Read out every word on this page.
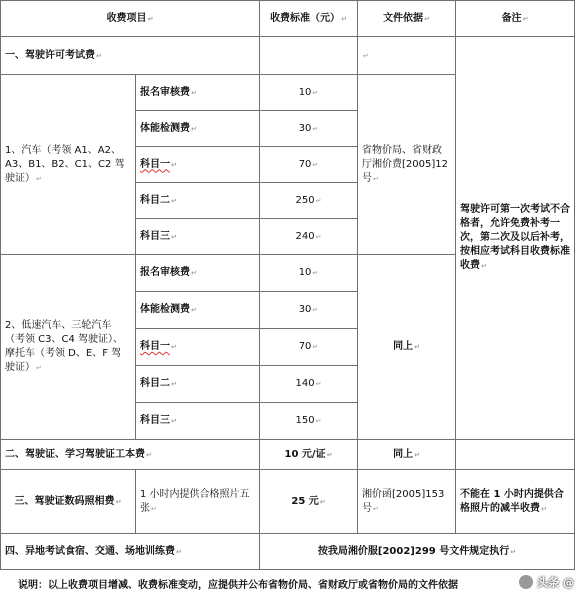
收费项目↵		收费标准（元）↵	文件依据↵	备注↵
一、驾驶许可考试费↵			↵	驾驶许可第一次考试不合格者，允许免费补考一次，第二次及以后补考，按相应考试科目收费标准收费↵
1、汽车（考领 A1、A2、A3、B1、B2、C1、C2 驾驶证）↵	报名审核费↵	10↵	省物价局、省财政厅湘价费[2005]12 号↵	
	体能检测费↵	30↵		
	科目一↵	70↵		
	科目二↵	250↵		
	科目三↵	240↵		
2、低速汽车、三轮汽车（考领 C3、C4 驾驶证）、摩托车（考领 D、E、F 驾驶证）↵	报名审核费↵	10↵	同上↵	
	体能检测费↵	30↵		
	科目一↵	70↵		
	科目二↵	140↵		
	科目三↵	150↵		
二、驾驶证、学习驾驶证工本费↵		10 元/证↵	同上↵	
三、驾驶证数码照相费↵	1 小时内提供合格照片五张↵	25 元↵	湘价函[2005]153 号↵	不能在 1 小时内提供合格照片的减半收费↵
四、异地考试食宿、交通、场地训练费↵		按我局湘价服[2002]299 号文件规定执行↵		
说明：以上收费项目增减、收费标准变动，应提供并公布省物价局、省财政厅或省物价局的文件依据	头条 @
